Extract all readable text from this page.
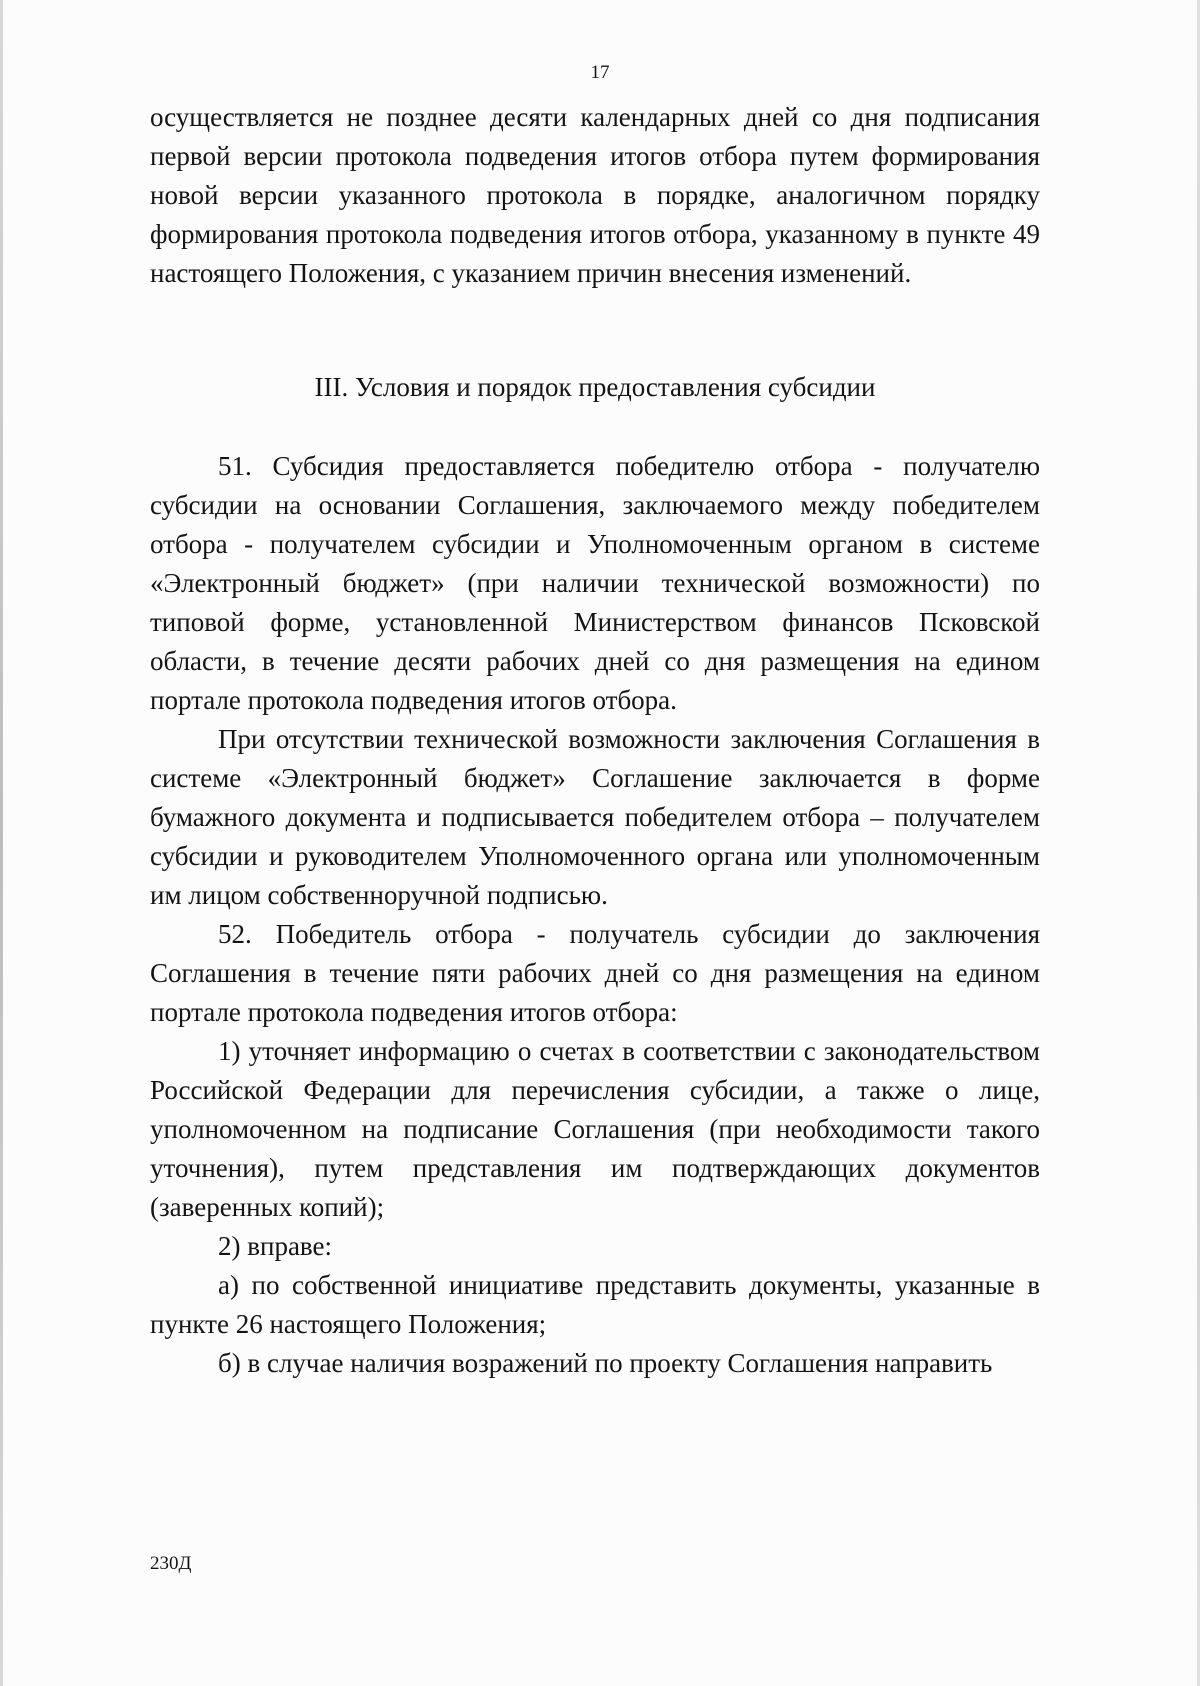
17

осуществляется не позднее десяти календарных дней со дня подписания первой версии протокола подведения итогов отбора путем формирования новой версии указанного протокола в порядке, аналогичном порядку формирования протокола подведения итогов отбора, указанному в пункте 49 настоящего Положения, с указанием причин внесения изменений.

III. Условия и порядок предоставления субсидии

51. Субсидия предоставляется победителю отбора - получателю субсидии на основании Соглашения, заключаемого между победителем отбора - получателем субсидии и Уполномоченным органом в системе «Электронный бюджет» (при наличии технической возможности) по типовой форме, установленной Министерством финансов Псковской области, в течение десяти рабочих дней со дня размещения на едином портале протокола подведения итогов отбора.

При отсутствии технической возможности заключения Соглашения в системе «Электронный бюджет» Соглашение заключается в форме бумажного документа и подписывается победителем отбора – получателем субсидии и руководителем Уполномоченного органа или уполномоченным им лицом собственноручной подписью.

52. Победитель отбора - получатель субсидии до заключения Соглашения в течение пяти рабочих дней со дня размещения на едином портале протокола подведения итогов отбора:

1) уточняет информацию о счетах в соответствии с законодательством Российской Федерации для перечисления субсидии, а также о лице, уполномоченном на подписание Соглашения (при необходимости такого уточнения), путем представления им подтверждающих документов (заверенных копий);

2) вправе:

а) по собственной инициативе представить документы, указанные в пункте 26 настоящего Положения;

б) в случае наличия возражений по проекту Соглашения направить

230Д
